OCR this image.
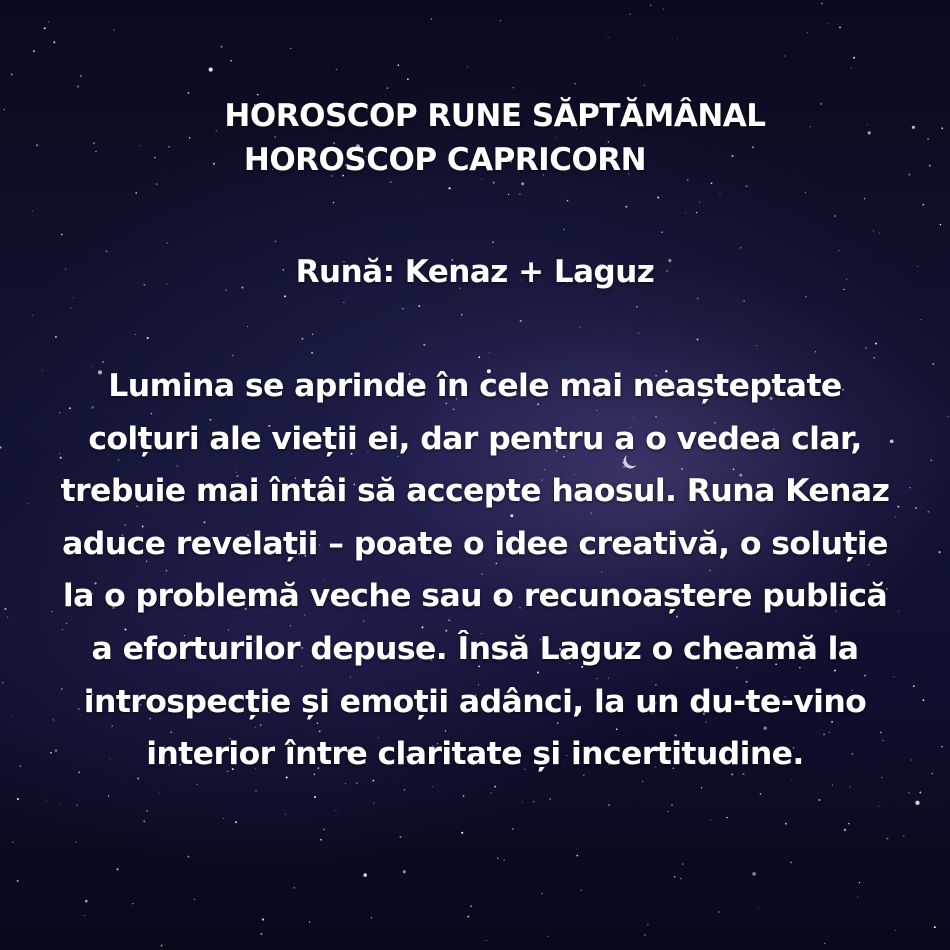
HOROSCOP RUNE SĂPTĂMÂNAL
HOROSCOP CAPRICORN
Rună: Kenaz + Laguz
Lumina se aprinde în cele mai neașteptate colțuri ale vieții ei, dar pentru a o vedea clar, trebuie mai întâi să accepte haosul. Runa Kenaz aduce revelații – poate o idee creativă, o soluție la o problemă veche sau o recunoaștere publică a eforturilor depuse. Însă Laguz o cheamă la introspecție și emoții adânci, la un du-te-vino interior între claritate și incertitudine.
